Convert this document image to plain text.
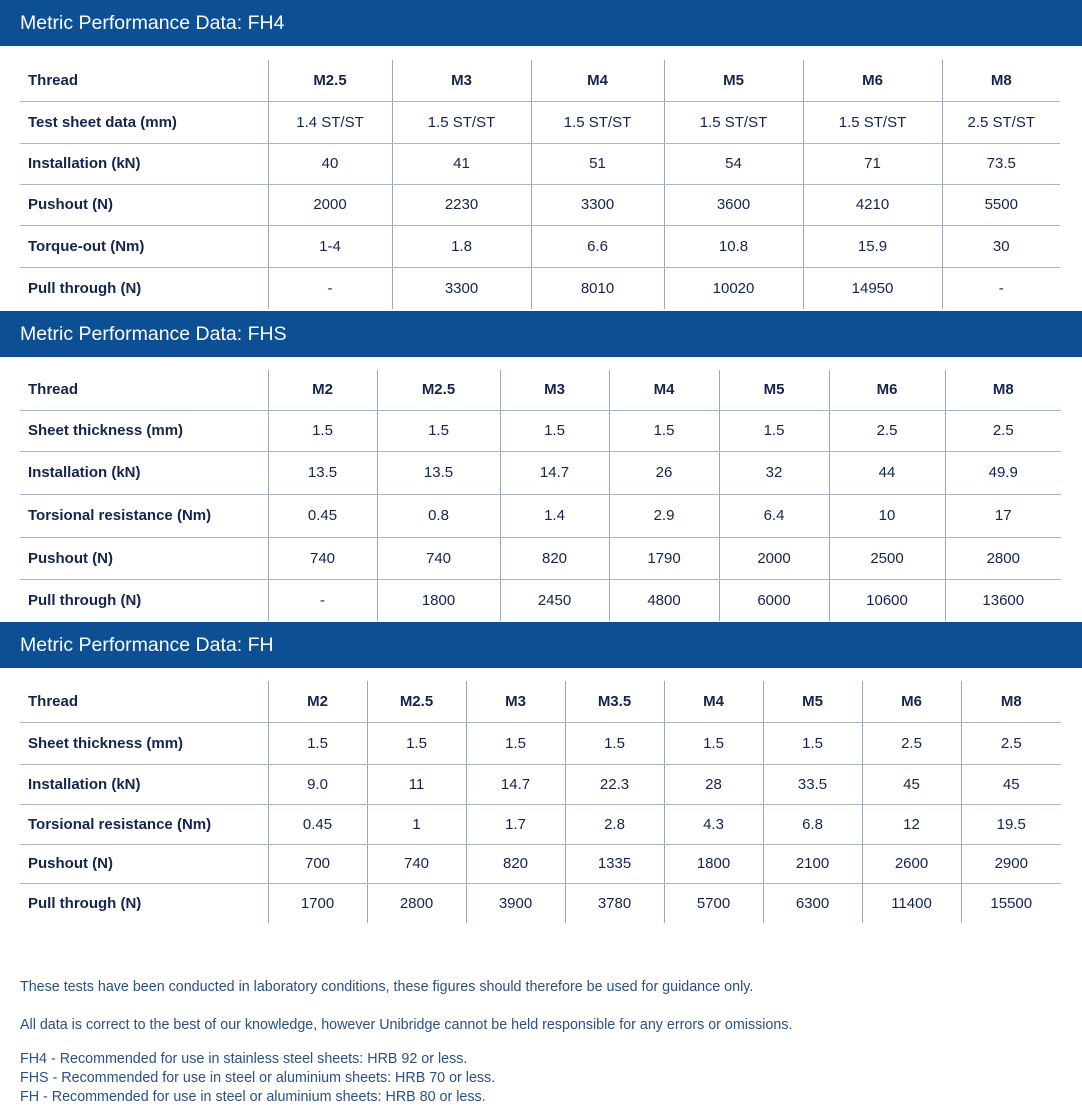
Metric Performance Data: FH4
Thread	M2.5	M3	M4	M5	M6	M8
Test sheet data (mm)	1.4 ST/ST	1.5 ST/ST	1.5 ST/ST	1.5 ST/ST	1.5 ST/ST	2.5 ST/ST
Installation (kN)	40	41	51	54	71	73.5
Pushout (N)	2000	2230	3300	3600	4210	5500
Torque-out (Nm)	1-4	1.8	6.6	10.8	15.9	30
Pull through (N)	-	3300	8010	10020	14950	-
Metric Performance Data: FHS
Thread	M2	M2.5	M3	M4	M5	M6	M8
Sheet thickness (mm)	1.5	1.5	1.5	1.5	1.5	2.5	2.5
Installation (kN)	13.5	13.5	14.7	26	32	44	49.9
Torsional resistance (Nm)	0.45	0.8	1.4	2.9	6.4	10	17
Pushout (N)	740	740	820	1790	2000	2500	2800
Pull through (N)	-	1800	2450	4800	6000	10600	13600
Metric Performance Data: FH
Thread	M2	M2.5	M3	M3.5	M4	M5	M6	M8
Sheet thickness (mm)	1.5	1.5	1.5	1.5	1.5	1.5	2.5	2.5
Installation (kN)	9.0	11	14.7	22.3	28	33.5	45	45
Torsional resistance (Nm)	0.45	1	1.7	2.8	4.3	6.8	12	19.5
Pushout (N)	700	740	820	1335	1800	2100	2600	2900
Pull through (N)	1700	2800	3900	3780	5700	6300	11400	15500

These tests have been conducted in laboratory conditions, these figures should therefore be used for guidance only.

All data is correct to the best of our knowledge, however Unibridge cannot be held responsible for any errors or omissions.

FH4 - Recommended for use in stainless steel sheets: HRB 92 or less.

FHS - Recommended for use in steel or aluminium sheets: HRB 70 or less.

FH - Recommended for use in steel or aluminium sheets: HRB 80 or less.
